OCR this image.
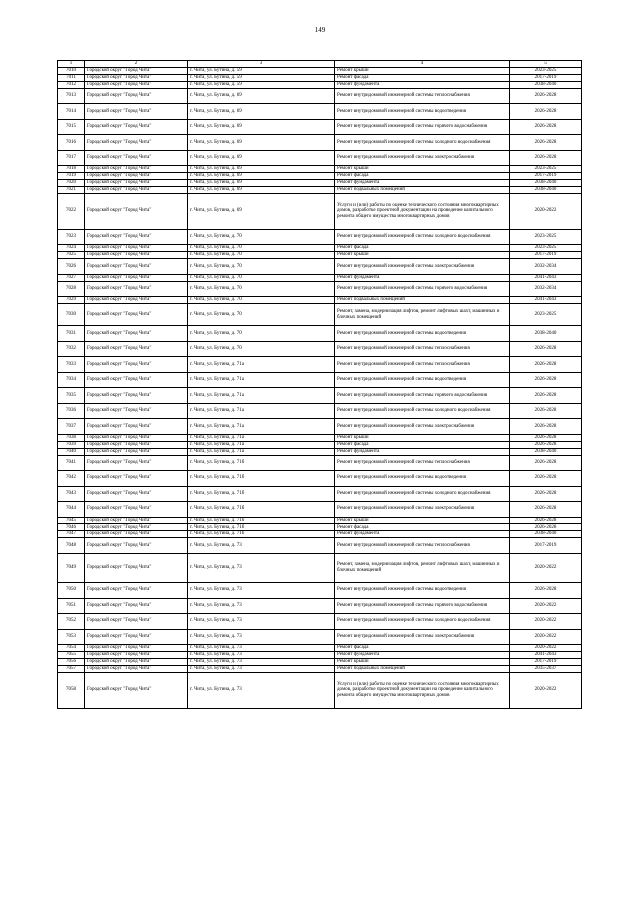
149
1	2	3	4	5
7010	Городской округ "Город Чита"	г. Чита, ул. Бутина, д. 59	Ремонт крыши	2023-2025
7011	Городской округ "Город Чита"	г. Чита, ул. Бутина, д. 59	Ремонт фасада	2017-2019
7012	Городской округ "Город Чита"	г. Чита, ул. Бутина, д. 59	Ремонт фундамента	2038-2040
7013	Городской округ "Город Чита"	г. Чита, ул. Бутина, д. 69	Ремонт внутридомовой инженерной системы теплоснабжения	2026-2028
7014	Городской округ "Город Чита"	г. Чита, ул. Бутина, д. 69	Ремонт внутридомовой инженерной системы водоотведения	2026-2028
7015	Городской округ "Город Чита"	г. Чита, ул. Бутина, д. 69	Ремонт внутридомовой инженерной системы горячего водоснабжения	2026-2028
7016	Городской округ "Город Чита"	г. Чита, ул. Бутина, д. 69	Ремонт внутридомовой инженерной системы холодного водоснабжения	2026-2028
7017	Городской округ "Город Чита"	г. Чита, ул. Бутина, д. 69	Ремонт внутридомовой инженерной системы электроснабжения	2026-2028
7018	Городской округ "Город Чита"	г. Чита, ул. Бутина, д. 69	Ремонт крыши	2023-2025
7019	Городской округ "Город Чита"	г. Чита, ул. Бутина, д. 69	Ремонт фасада	2017-2019
7020	Городской округ "Город Чита"	г. Чита, ул. Бутина, д. 69	Ремонт фундамента	2038-2040
7021	Городской округ "Город Чита"	г. Чита, ул. Бутина, д. 69	Ремонт подвальных помещений	2038-2040
7022	Городской округ "Город Чита"	г. Чита, ул. Бутина, д. 69	Услуги и (или) работы по оценке технического состояния многоквартирных домов, разработке проектной документации на проведение капитального ремонта общего имущества многоквартирных домов	2020-2022
7023	Городской округ "Город Чита"	г. Чита, ул. Бутина, д. 70	Ремонт внутридомовой инженерной системы холодного водоснабжения	2023-2025
7024	Городской округ "Город Чита"	г. Чита, ул. Бутина, д. 70	Ремонт фасада	2023-2025
7025	Городской округ "Город Чита"	г. Чита, ул. Бутина, д. 70	Ремонт крыши	2017-2019
7026	Городской округ "Город Чита"	г. Чита, ул. Бутина, д. 70	Ремонт внутридомовой инженерной системы электроснабжения	2032-2034
7027	Городской округ "Город Чита"	г. Чита, ул. Бутина, д. 70	Ремонт фундамента	2041-2043
7028	Городской округ "Город Чита"	г. Чита, ул. Бутина, д. 70	Ремонт внутридомовой инженерной системы горячего водоснабжения	2032-2034
7029	Городской округ "Город Чита"	г. Чита, ул. Бутина, д. 70	Ремонт подвальных помещений	2041-2043
7030	Городской округ "Город Чита"	г. Чита, ул. Бутина, д. 70	Ремонт, замена, модернизация лифтов, ремонт лифтовых шахт, машинных и блочных помещений	2023-2025
7031	Городской округ "Город Чита"	г. Чита, ул. Бутина, д. 70	Ремонт внутридомовой инженерной системы водоотведения	2038-2040
7032	Городской округ "Город Чита"	г. Чита, ул. Бутина, д. 70	Ремонт внутридомовой инженерной системы теплоснабжения	2026-2028
7033	Городской округ "Город Чита"	г. Чита, ул. Бутина, д. 71а	Ремонт внутридомовой инженерной системы теплоснабжения	2026-2028
7034	Городской округ "Город Чита"	г. Чита, ул. Бутина, д. 71а	Ремонт внутридомовой инженерной системы водоотведения	2026-2028
7035	Городской округ "Город Чита"	г. Чита, ул. Бутина, д. 71а	Ремонт внутридомовой инженерной системы горячего водоснабжения	2026-2028
7036	Городской округ "Город Чита"	г. Чита, ул. Бутина, д. 71а	Ремонт внутридомовой инженерной системы холодного водоснабжения	2026-2028
7037	Городской округ "Город Чита"	г. Чита, ул. Бутина, д. 71а	Ремонт внутридомовой инженерной системы электроснабжения	2026-2028
7038	Городской округ "Город Чита"	г. Чита, ул. Бутина, д. 71а	Ремонт крыши	2026-2028
7039	Городской округ "Город Чита"	г. Чита, ул. Бутина, д. 71а	Ремонт фасада	2026-2028
7040	Городской округ "Город Чита"	г. Чита, ул. Бутина, д. 71а	Ремонт фундамента	2038-2040
7041	Городской округ "Город Чита"	г. Чита, ул. Бутина, д. 71б	Ремонт внутридомовой инженерной системы теплоснабжения	2026-2028
7042	Городской округ "Город Чита"	г. Чита, ул. Бутина, д. 71б	Ремонт внутридомовой инженерной системы водоотведения	2026-2028
7043	Городской округ "Город Чита"	г. Чита, ул. Бутина, д. 71б	Ремонт внутридомовой инженерной системы холодного водоснабжения	2026-2028
7044	Городской округ "Город Чита"	г. Чита, ул. Бутина, д. 71б	Ремонт внутридомовой инженерной системы электроснабжения	2026-2028
7045	Городской округ "Город Чита"	г. Чита, ул. Бутина, д. 71б	Ремонт крыши	2026-2028
7046	Городской округ "Город Чита"	г. Чита, ул. Бутина, д. 71б	Ремонт фасада	2026-2028
7047	Городской округ "Город Чита"	г. Чита, ул. Бутина, д. 71б	Ремонт фундамента	2038-2040
7048	Городской округ "Город Чита"	г. Чита, ул. Бутина, д. 73	Ремонт внутридомовой инженерной системы теплоснабжения	2017-2019
7049	Городской округ "Город Чита"	г. Чита, ул. Бутина, д. 73	Ремонт, замена, модернизация лифтов, ремонт лифтовых шахт, машинных и блочных помещений	2020-2022
7050	Городской округ "Город Чита"	г. Чита, ул. Бутина, д. 73	Ремонт внутридомовой инженерной системы водоотведения	2026-2028
7051	Городской округ "Город Чита"	г. Чита, ул. Бутина, д. 73	Ремонт внутридомовой инженерной системы горячего водоснабжения	2020-2022
7052	Городской округ "Город Чита"	г. Чита, ул. Бутина, д. 73	Ремонт внутридомовой инженерной системы холодного водоснабжения	2020-2022
7053	Городской округ "Город Чита"	г. Чита, ул. Бутина, д. 73	Ремонт внутридомовой инженерной системы электроснабжения	2020-2022
7054	Городской округ "Город Чита"	г. Чита, ул. Бутина, д. 73	Ремонт фасада	2020-2022
7055	Городской округ "Город Чита"	г. Чита, ул. Бутина, д. 73	Ремонт фундамента	2041-2043
7056	Городской округ "Город Чита"	г. Чита, ул. Бутина, д. 73	Ремонт крыши	2017-2019
7057	Городской округ "Город Чита"	г. Чита, ул. Бутина, д. 73	Ремонт подвальных помещений	2035-2037
7058	Городской округ "Город Чита"	г. Чита, ул. Бутина, д. 73	Услуги и (или) работы по оценке технического состояния многоквартирных домов, разработке проектной документации на проведение капитального ремонта общего имущества многоквартирных домов	2020-2022
